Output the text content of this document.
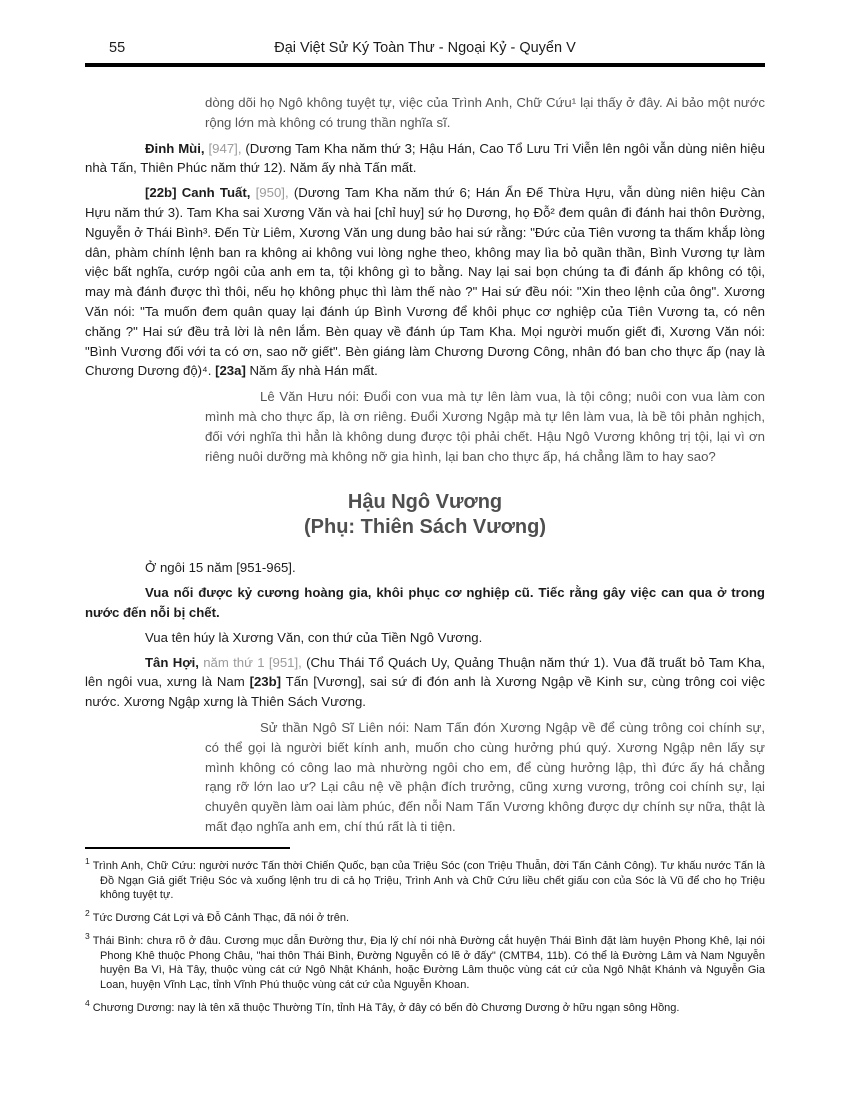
55	Đại Việt Sử Ký Toàn Thư - Ngoại Kỷ - Quyển V

dòng dõi họ Ngô không tuyệt tự, việc của Trình Anh, Chữ Cứu¹ lại thấy ở đây. Ai bảo một nước rộng lớn mà không có trung thần nghĩa sĩ.

Đinh Mùi, [947], (Dương Tam Kha năm thứ 3; Hậu Hán, Cao Tổ Lưu Tri Viễn lên ngôi vẫn dùng niên hiệu nhà Tấn, Thiên Phúc năm thứ 12). Năm ấy nhà Tấn mất.

[22b] Canh Tuất, [950], (Dương Tam Kha năm thứ 6; Hán Ẩn Đế Thừa Hựu, vẫn dùng niên hiệu Càn Hựu năm thứ 3). Tam Kha sai Xương Văn và hai [chỉ huy] sứ họ Dương, họ Đỗ² đem quân đi đánh hai thôn Đường, Nguyễn ở Thái Bình³. Đến Từ Liêm, Xương Văn ung dung bảo hai sứ rằng: "Đức của Tiên vương ta thấm khắp lòng dân, phàm chính lệnh ban ra không ai không vui lòng nghe theo, không may lìa bỏ quần thần, Bình Vương tự làm việc bất nghĩa, cướp ngôi của anh em ta, tội không gì to bằng. Nay lại sai bọn chúng ta đi đánh ấp không có tội, may mà đánh được thì thôi, nếu họ không phục thì làm thế nào ?" Hai sứ đều nói: "Xin theo lệnh của ông". Xương Văn nói: "Ta muốn đem quân quay lại đánh úp Bình Vương để khôi phục cơ nghiệp của Tiên Vương ta, có nên chăng ?" Hai sứ đều trả lời là nên lắm. Bèn quay về đánh úp Tam Kha. Mọi người muốn giết đi, Xương Văn nói: "Bình Vương đối với ta có ơn, sao nỡ giết". Bèn giáng làm Chương Dương Công, nhân đó ban cho thực ấp (nay là Chương Dương độ)⁴. [23a] Năm ấy nhà Hán mất.

Lê Văn Hưu nói: Đuổi con vua mà tự lên làm vua, là tội công; nuôi con vua làm con mình mà cho thực ấp, là ơn riêng. Đuổi Xương Ngập mà tự lên làm vua, là bề tôi phản nghịch, đối với nghĩa thì hẳn là không dung được tội phải chết. Hậu Ngô Vương không trị tội, lại vì ơn riêng nuôi dưỡng mà không nỡ gia hình, lại ban cho thực ấp, há chẳng lầm to hay sao?

Hậu Ngô Vương
(Phụ: Thiên Sách Vương)

Ở ngôi 15 năm [951-965].

Vua nối được kỷ cương hoàng gia, khôi phục cơ nghiệp cũ. Tiếc rằng gây việc can qua ở trong nước đến nỗi bị chết.

Vua tên húy là Xương Văn, con thứ của Tiền Ngô Vương.

Tân Hợi, năm thứ 1 [951], (Chu Thái Tổ Quách Uy, Quảng Thuận năm thứ 1). Vua đã truất bỏ Tam Kha, lên ngôi vua, xưng là Nam [23b] Tấn [Vương], sai sứ đi đón anh là Xương Ngập về Kinh sư, cùng trông coi việc nước. Xương Ngập xưng là Thiên Sách Vương.

Sử thần Ngô Sĩ Liên nói: Nam Tấn đón Xương Ngập về để cùng trông coi chính sự, có thể gọi là người biết kính anh, muốn cho cùng hưởng phú quý. Xương Ngập nên lấy sự mình không có công lao mà nhường ngôi cho em, để cùng hưởng lập, thì đức ấy há chẳng rạng rỡ lớn lao ư? Lại câu nệ về phận đích trưởng, cũng xưng vương, trông coi chính sự, lại chuyên quyền làm oai làm phúc, đến nỗi Nam Tấn Vương không được dự chính sự nữa, thật là mất đạo nghĩa anh em, chí thú rất là ti tiện.

$^1$ Trình Anh, Chữ Cứu: người nước Tấn thời Chiến Quốc, bạn của Triệu Sóc (con Triệu Thuẫn, đời Tấn Cảnh Công). Tư khấu nước Tấn là Đồ Ngạn Giả giết Triệu Sóc và xuống lệnh tru di cả họ Triệu, Trình Anh và Chữ Cứu liều chết giấu con của Sóc là Vũ để cho họ Triệu không tuyệt tự.
$^2$ Tức Dương Cát Lợi và Đỗ Cảnh Thạc, đã nói ở trên.
$^3$ Thái Bình: chưa rõ ở đâu. Cương mục dẫn Đường thư, Địa lý chí nói nhà Đường cắt huyện Thái Bình đặt làm huyện Phong Khê, lại nói Phong Khê thuộc Phong Châu, "hai thôn Thái Bình, Đường Nguyễn có lẽ ở đấy" (CMTB4, 11b). Có thể là Đường Lâm và Nam Nguyễn huyện Ba Vì, Hà Tây, thuộc vùng cát cứ Ngô Nhật Khánh, hoặc Đường Lâm thuộc vùng cát cứ của Ngô Nhật Khánh và Nguyễn Gia Loan, huyện Vĩnh Lạc, tỉnh Vĩnh Phú thuộc vùng cát cứ của Nguyễn Khoan.
$^4$ Chương Dương: nay là tên xã thuộc Thường Tín, tỉnh Hà Tây, ở đây có bến đò Chương Dương ở hữu ngạn sông Hồng.
